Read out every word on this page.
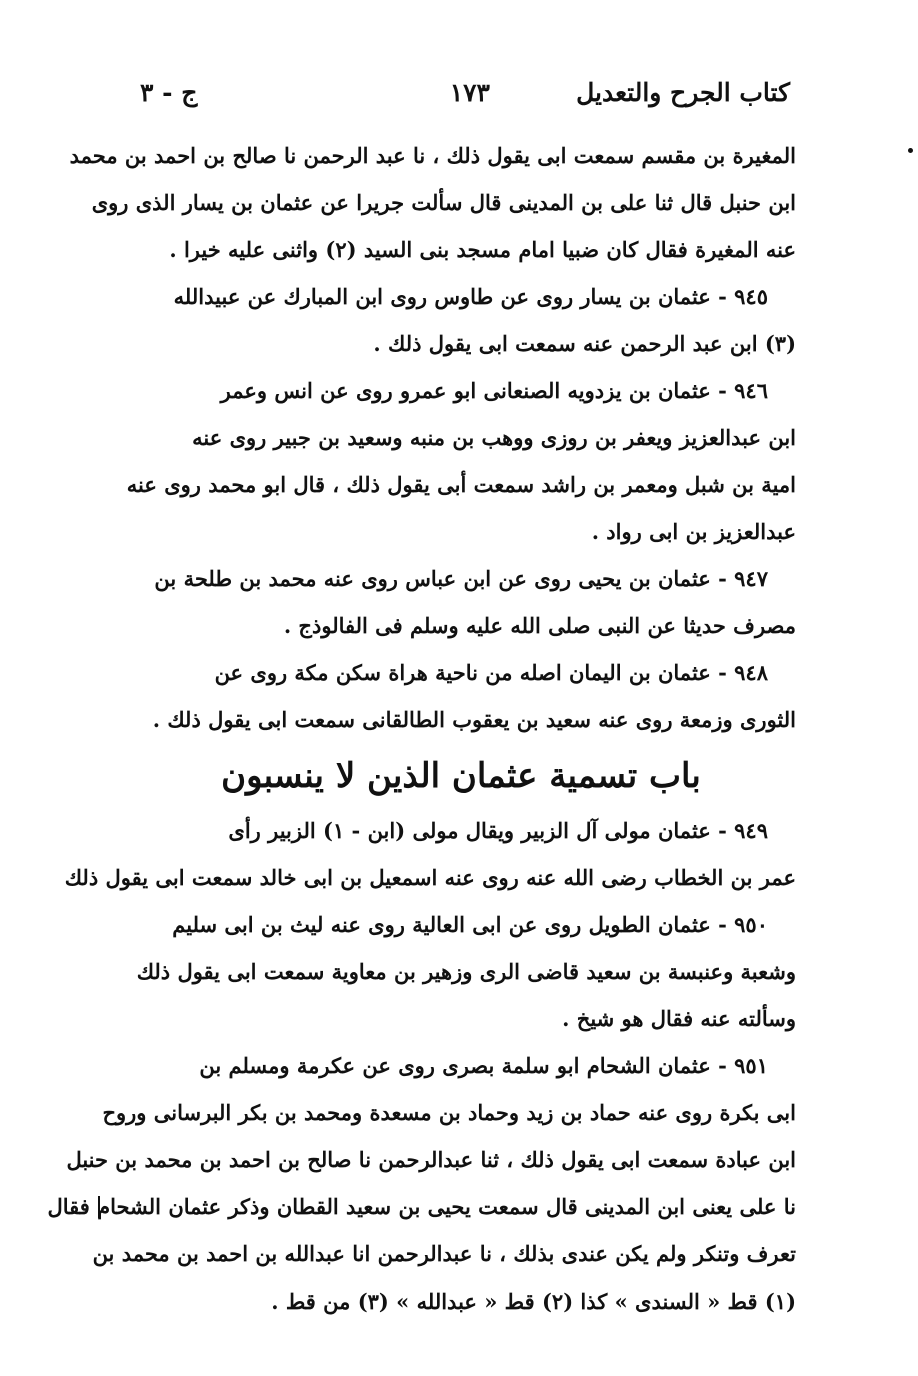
كتاب الجرح والتعديل
١٧٣
ج - ٣
المغيرة بن مقسم سمعت ابى يقول ذلك ، نا عبد الرحمن نا صالح بن احمد بن محمد
ابن حنبل قال ثنا على بن المدينى قال سألت جريرا عن عثمان بن يسار الذى روى
عنه المغيرة فقال كان ضبيا امام مسجد بنى السيد (٢) واثنى عليه خيرا .
٩٤٥ - عثمان بن يسار روى عن طاوس روى ابن المبارك عن عبيدالله
(٣) ابن عبد الرحمن عنه سمعت ابى يقول ذلك .
٩٤٦ - عثمان بن يزدويه الصنعانى ابو عمرو روى عن انس وعمر
ابن عبدالعزيز ويعفر بن روزى ووهب بن منبه وسعيد بن جبير روى عنه
امية بن شبل ومعمر بن راشد سمعت أبى يقول ذلك ، قال ابو محمد روى عنه
عبدالعزيز بن ابى رواد .
٩٤٧ - عثمان بن يحيى روى عن ابن عباس روى عنه محمد بن طلحة بن
مصرف حديثا عن النبى صلى الله عليه وسلم فى الفالوذج .
٩٤٨ - عثمان بن اليمان اصله من ناحية هراة سكن مكة روى عن
الثورى وزمعة روى عنه سعيد بن يعقوب الطالقانى سمعت ابى يقول ذلك .
باب تسمية عثمان الذين لا ينسبون
٩٤٩ - عثمان مولى آل الزبير ويقال مولى (ابن - ١) الزبير رأى
عمر بن الخطاب رضى الله عنه روى عنه اسمعيل بن ابى خالد سمعت ابى يقول ذلك
٩٥٠ - عثمان الطويل روى عن ابى العالية روى عنه ليث بن ابى سليم
وشعبة وعنبسة بن سعيد قاضى الرى وزهير بن معاوية سمعت ابى يقول ذلك
وسألته عنه فقال هو شيخ .
٩٥١ - عثمان الشحام ابو سلمة بصرى روى عن عكرمة ومسلم بن
ابى بكرة روى عنه حماد بن زيد وحماد بن مسعدة ومحمد بن بكر البرسانى وروح
ابن عبادة سمعت ابى يقول ذلك ، ثنا عبدالرحمن نا صالح بن احمد بن محمد بن حنبل
نا على يعنى ابن المدينى قال سمعت يحيى بن سعيد القطان وذكر عثمان الشحام فقال
تعرف وتنكر ولم يكن عندى بذلك ، نا عبدالرحمن انا عبدالله بن احمد بن محمد بن
(١) قط « السندى » كذا (٢) قط « عبدالله » (٣) من قط .
